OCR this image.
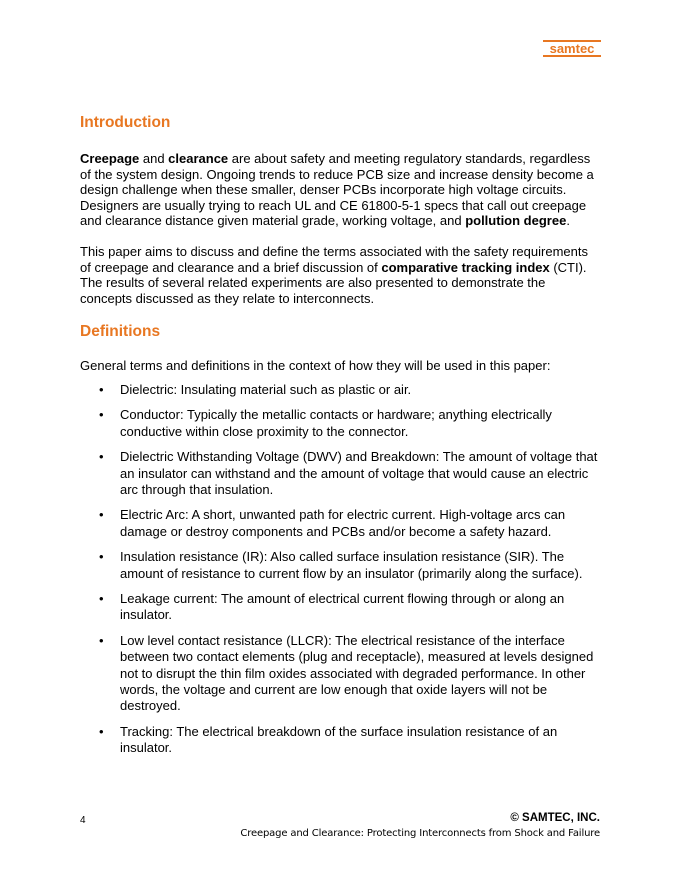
samtec
Introduction

Creepage and clearance are about safety and meeting regulatory standards, regardless of the system design. Ongoing trends to reduce PCB size and increase density become a design challenge when these smaller, denser PCBs incorporate high voltage circuits. Designers are usually trying to reach UL and CE 61800-5-1 specs that call out creepage and clearance distance given material grade, working voltage, and pollution degree.

This paper aims to discuss and define the terms associated with the safety requirements of creepage and clearance and a brief discussion of comparative tracking index (CTI). The results of several related experiments are also presented to demonstrate the concepts discussed as they relate to interconnects.

Definitions

General terms and definitions in the context of how they will be used in this paper:

• Dielectric: Insulating material such as plastic or air.
• Conductor: Typically the metallic contacts or hardware; anything electrically conductive within close proximity to the connector.
• Dielectric Withstanding Voltage (DWV) and Breakdown: The amount of voltage that an insulator can withstand and the amount of voltage that would cause an electric arc through that insulation.
• Electric Arc: A short, unwanted path for electric current. High-voltage arcs can damage or destroy components and PCBs and/or become a safety hazard.
• Insulation resistance (IR): Also called surface insulation resistance (SIR). The amount of resistance to current flow by an insulator (primarily along the surface).
• Leakage current: The amount of electrical current flowing through or along an insulator.
• Low level contact resistance (LLCR): The electrical resistance of the interface between two contact elements (plug and receptacle), measured at levels designed not to disrupt the thin film oxides associated with degraded performance. In other words, the voltage and current are low enough that oxide layers will not be destroyed.
• Tracking: The electrical breakdown of the surface insulation resistance of an insulator.
4	© SAMTEC, INC.
Creepage and Clearance: Protecting Interconnects from Shock and Failure
